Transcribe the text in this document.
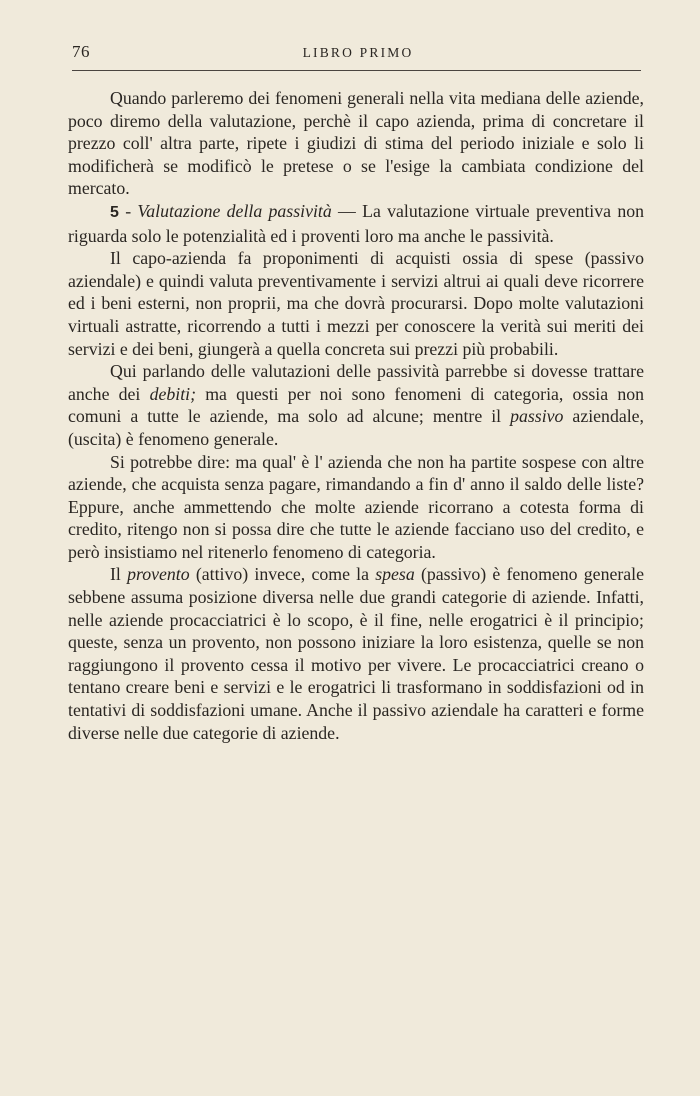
76	LIBRO PRIMO

Quando parleremo dei fenomeni generali nella vita mediana delle aziende, poco diremo della valutazione, perchè il capo azienda, prima di concretare il prezzo coll' altra parte, ripete i giudizi di stima del periodo iniziale e solo li modificherà se modificò le pretese o se l'esige la cambiata condizione del mercato.

5 - Valutazione della passività — La valutazione virtuale preventiva non riguarda solo le potenzialità ed i proventi loro ma anche le passività.

Il capo-azienda fa proponimenti di acquisti ossia di spese (passivo aziendale) e quindi valuta preventivamente i servizi altrui ai quali deve ricorrere ed i beni esterni, non proprii, ma che dovrà procurarsi. Dopo molte valutazioni virtuali astratte, ricorrendo a tutti i mezzi per conoscere la verità sui meriti dei servizi e dei beni, giungerà a quella concreta sui prezzi più probabili.

Qui parlando delle valutazioni delle passività parrebbe si dovesse trattare anche dei debiti; ma questi per noi sono fenomeni di categoria, ossia non comuni a tutte le aziende, ma solo ad alcune; mentre il passivo aziendale, (uscita) è fenomeno generale.

Si potrebbe dire: ma qual' è l' azienda che non ha partite sospese con altre aziende, che acquista senza pagare, rimandando a fin d' anno il saldo delle liste? Eppure, anche ammettendo che molte aziende ricorrano a cotesta forma di credito, ritengo non si possa dire che tutte le aziende facciano uso del credito, e però insistiamo nel ritenerlo fenomeno di categoria.

Il provento (attivo) invece, come la spesa (passivo) è fenomeno generale sebbene assuma posizione diversa nelle due grandi categorie di aziende. Infatti, nelle aziende procacciatrici è lo scopo, è il fine, nelle erogatrici è il principio; queste, senza un provento, non possono iniziare la loro esistenza, quelle se non raggiungono il provento cessa il motivo per vivere. Le procacciatrici creano o tentano creare beni e servizi e le erogatrici li trasformano in soddisfazioni od in tentativi di soddisfazioni umane. Anche il passivo aziendale ha caratteri e forme diverse nelle due categorie di aziende.
